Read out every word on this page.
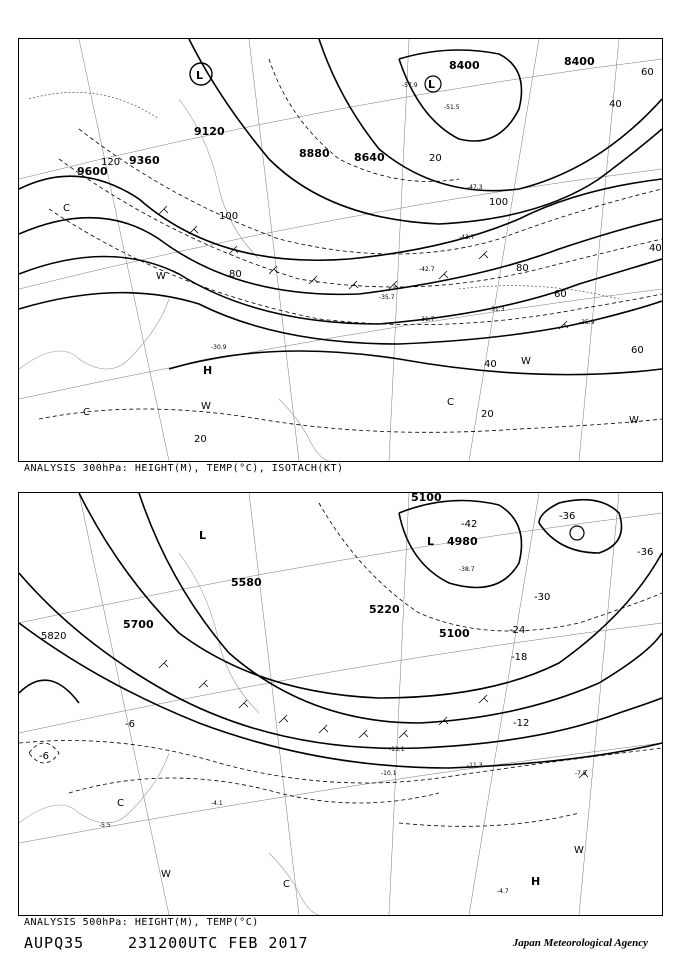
8400	8400
8640
8880
9120
9360
9600
120
100
80
60
40
20
20
20
40
60
80
100
40
60
-30.9
-35.7
-31.7
-31.3
-35.9
-42.7
-43.7
-47.3
-51.5
-57.9
L
L
H
C
C
C
W
W
W
W
ANALYSIS 300hPa: HEIGHT(M), TEMP(°C), ISOTACH(KT)
5100
4980
5100
5220
5580
5700
5820
-42
-36
-36
-30
-24
-18
-12
-6
-6
-38.7
-13.1
-11.3
-10.1	-7.5
-4.7
-4.1
-5.5
L	L
H
C
C
W
W
ANALYSIS 500hPa: HEIGHT(M), TEMP(°C)
AUPQ35	231200UTC FEB 2017	Japan Meteorological Agency
